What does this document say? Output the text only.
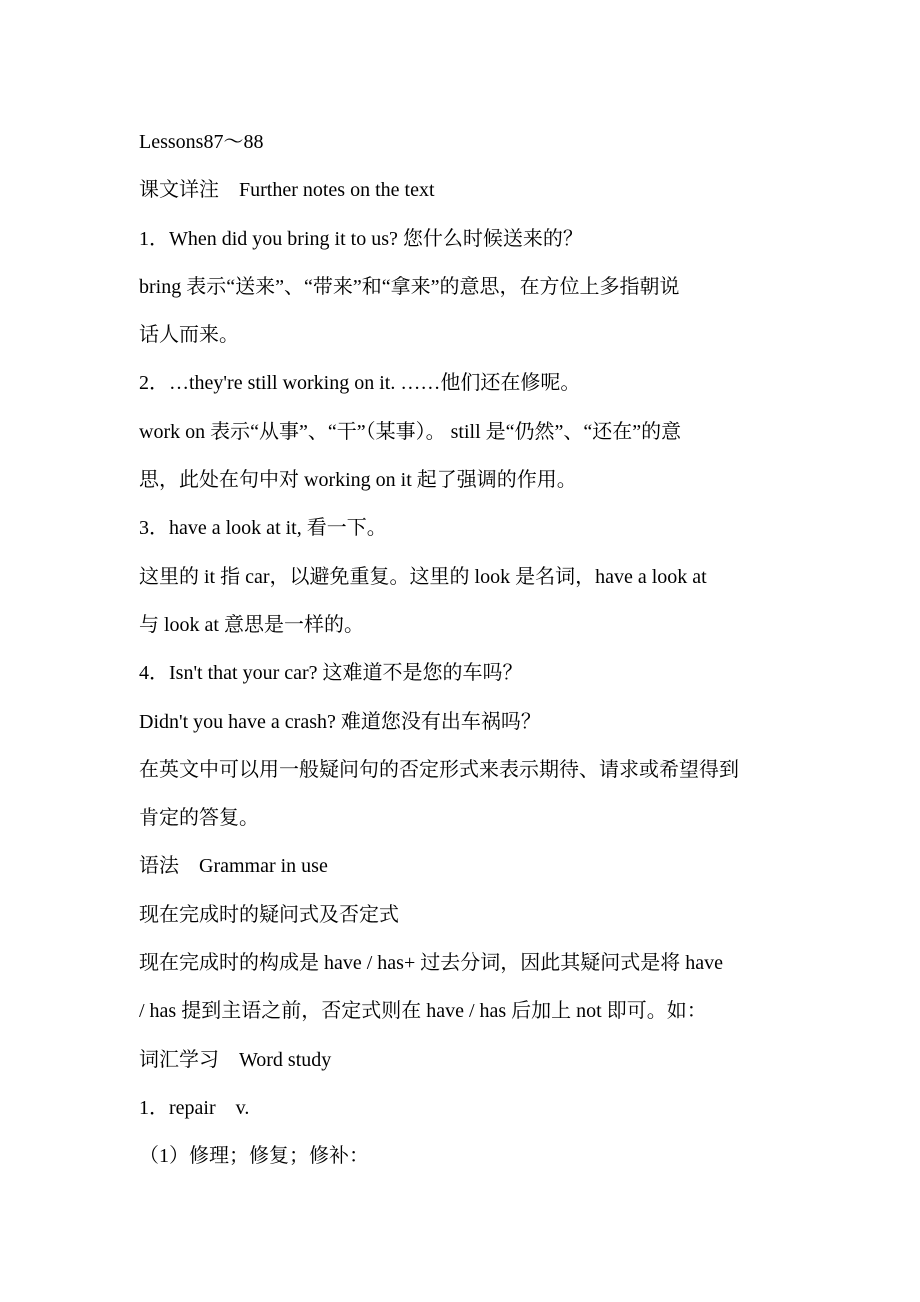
Lessons87～88

课文详注　Further notes on the text

1．When did you bring it to us? 您什么时候送来的？

bring 表示“送来”、“带来”和“拿来”的意思，在方位上多指朝说

话人而来。

2．…they're still working on it. ……他们还在修呢。

work on 表示“从事”、“干”（某事）。 still 是“仍然”、“还在”的意

思，此处在句中对 working on it 起了强调的作用。

3．have a look at it, 看一下。

这里的 it 指 car，以避免重复。这里的 look 是名词，have a look at

与 look at 意思是一样的。

4．Isn't that your car? 这难道不是您的车吗？

Didn't you have a crash? 难道您没有出车祸吗？

在英文中可以用一般疑问句的否定形式来表示期待、请求或希望得到

肯定的答复。

语法　Grammar in use

现在完成时的疑问式及否定式

现在完成时的构成是 have / has+ 过去分词，因此其疑问式是将 have

/ has 提到主语之前，否定式则在 have / has 后加上 not 即可。如：

词汇学习　Word study

1．repair　v.

（1）修理；修复；修补：
